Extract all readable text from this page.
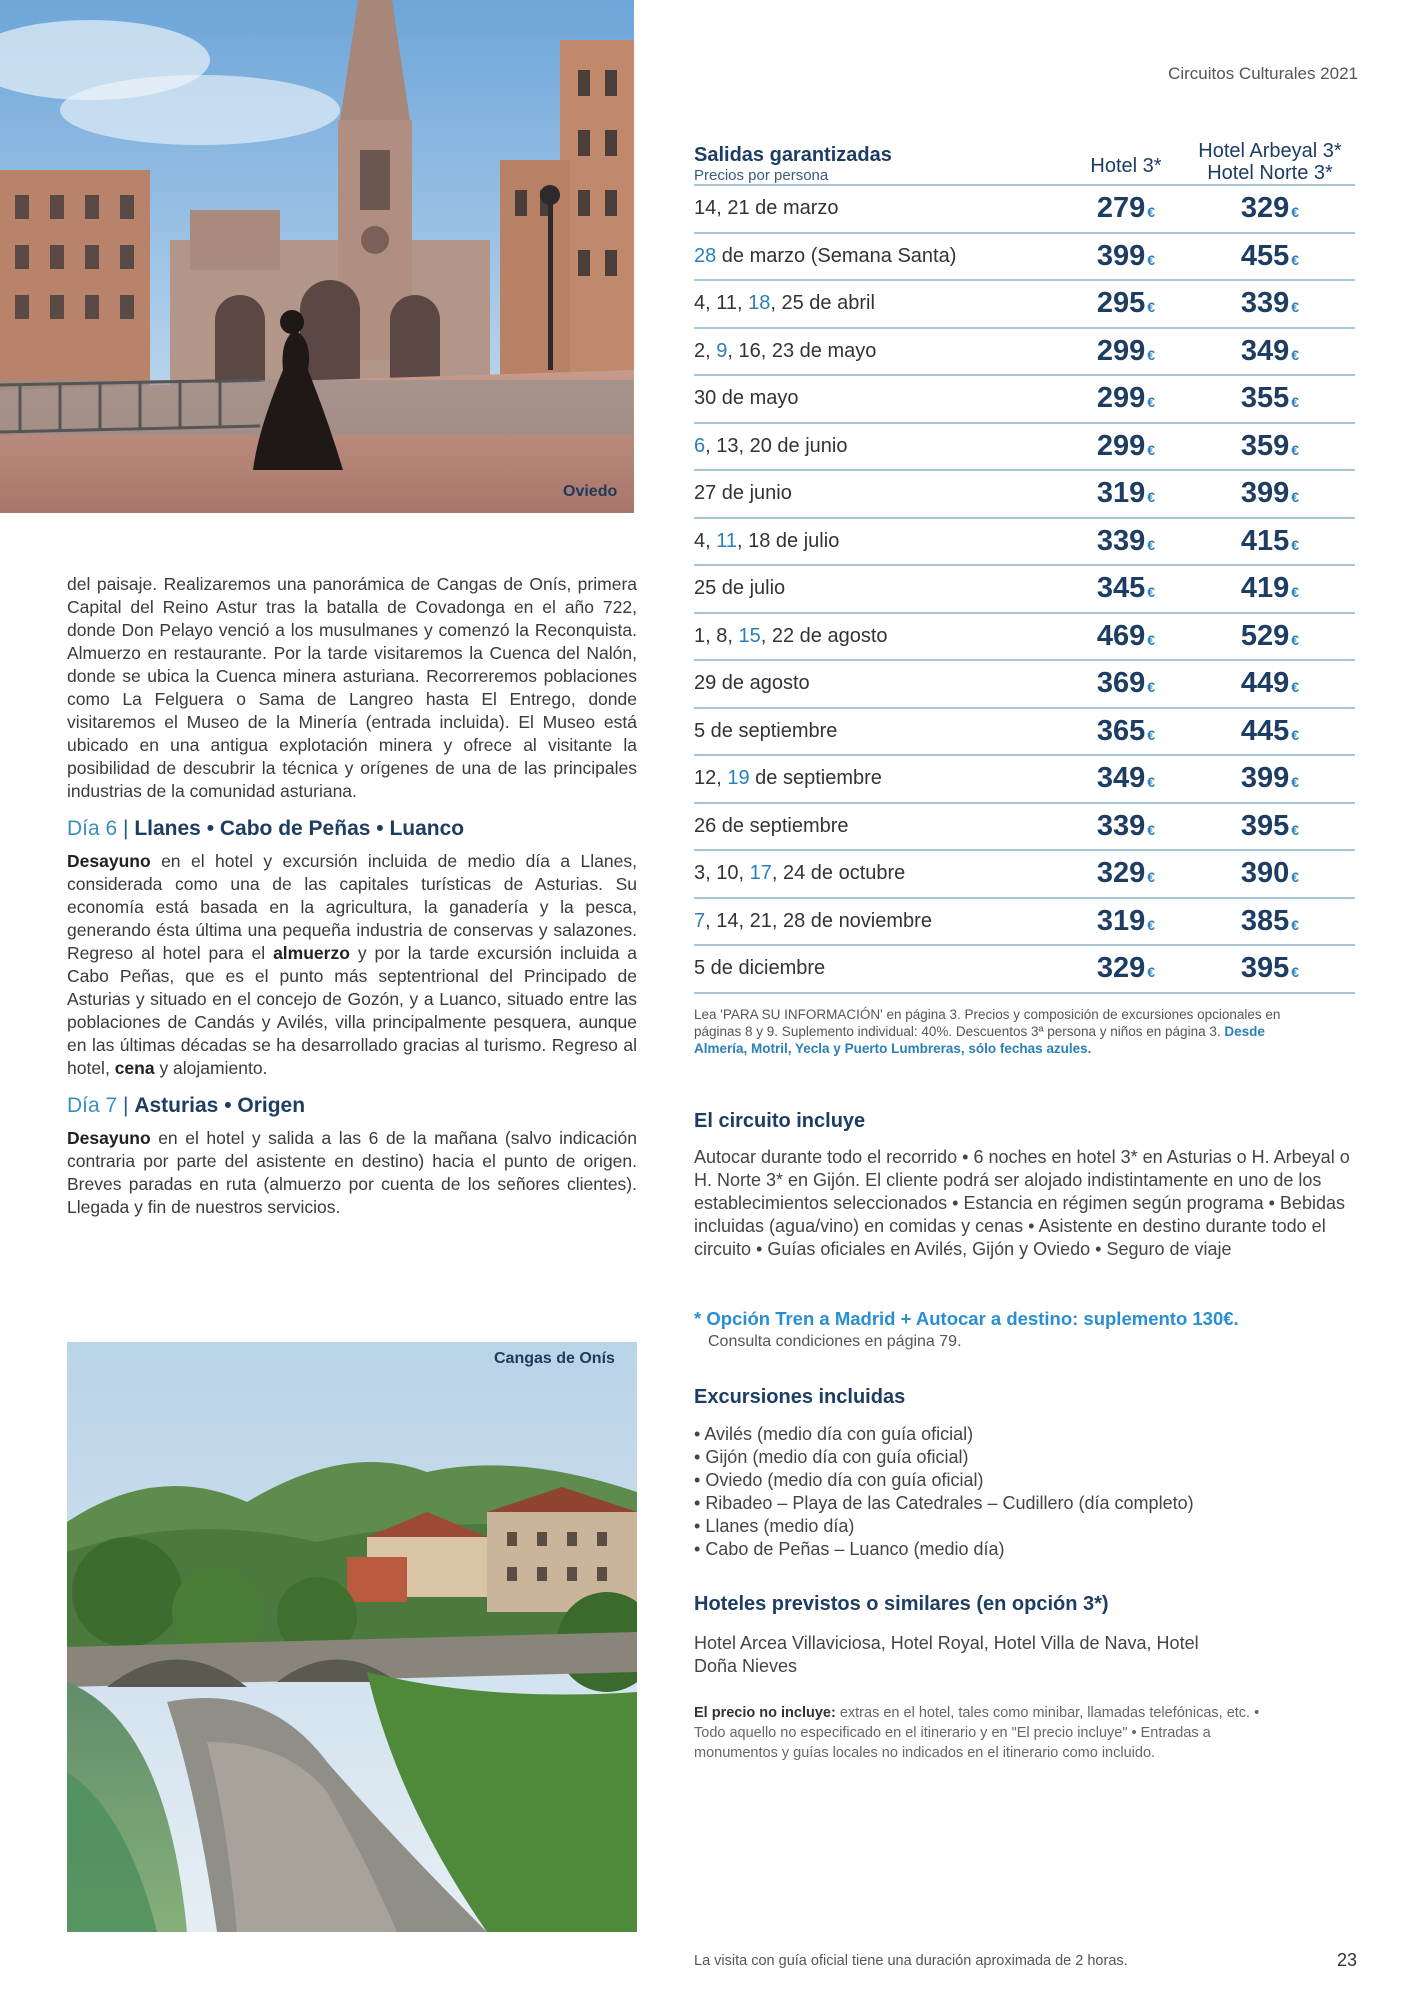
Circuitos Culturales 2021
Oviedo

del paisaje. Realizaremos una panorámica de Cangas de Onís, primera Capital del Reino Astur tras la batalla de Covadonga en el año 722, donde Don Pelayo venció a los musulmanes y comenzó la Reconquista. Almuerzo en restaurante. Por la tarde visitaremos la Cuenca del Nalón, donde se ubica la Cuenca minera asturiana. Recorreremos poblaciones como La Felguera o Sama de Langreo hasta El Entrego, donde visitaremos el Museo de la Minería (entrada incluida). El Museo está ubicado en una antigua explotación minera y ofrece al visitante la posibilidad de descubrir la técnica y orígenes de una de las principales industrias de la comunidad asturiana.

Día 6 | Llanes • Cabo de Peñas • Luanco

Desayuno en el hotel y excursión incluida de medio día a Llanes, considerada como una de las capitales turísticas de Asturias. Su economía está basada en la agricultura, la ganadería y la pesca, generando ésta última una pequeña industria de conservas y salazones. Regreso al hotel para el almuerzo y por la tarde excursión incluida a Cabo Peñas, que es el punto más septentrional del Principado de Asturias y situado en el concejo de Gozón, y a Luanco, situado entre las poblaciones de Candás y Avilés, villa principalmente pesquera, aunque en las últimas décadas se ha desarrollado gracias al turismo. Regreso al hotel, cena y alojamiento.

Día 7 | Asturias • Origen

Desayuno en el hotel y salida a las 6 de la mañana (salvo indicación contraria por parte del asistente en destino) hacia el punto de origen. Breves paradas en ruta (almuerzo por cuenta de los señores clientes). Llegada y fin de nuestros servicios.

Cangas de Onís
Salidas garantizadas
Precios por persona	Hotel 3*
Hotel Arbeyal 3*
Hotel Norte 3*
14, 21 de marzo	279 €	329 €
28 de marzo (Semana Santa)	399 €	455 €
4, 11, 18, 25 de abril	295 €	339 €
2, 9, 16, 23 de mayo	299 €	349 €
30 de mayo	299 €	355 €
6, 13, 20 de junio	299 €	359 €
27 de junio	319 €	399 €
4, 11, 18 de julio	339 €	415 €
25 de julio	345 €	419 €
1, 8, 15, 22 de agosto	469 €	529 €
29 de agosto	369 €	449 €
5 de septiembre	365 €	445 €
12, 19 de septiembre	349 €	399 €
26 de septiembre	339 €	395 €
3, 10, 17, 24 de octubre	329 €	390 €
7, 14, 21, 28 de noviembre	319 €	385 €
5 de diciembre	329 €	395 €
Lea 'PARA SU INFORMACIÓN' en página 3. Precios y composición de excursiones opcionales en páginas 8 y 9. Suplemento individual: 40%. Descuentos 3ª persona y niños en página 3. Desde Almería, Motril, Yecla y Puerto Lumbreras, sólo fechas azules.
El circuito incluye
Autocar durante todo el recorrido • 6 noches en hotel 3* en Asturias o H. Arbeyal o H. Norte 3* en Gijón. El cliente podrá ser alojado indistintamente en uno de los establecimientos seleccionados • Estancia en régimen según programa • Bebidas incluidas (agua/vino) en comidas y cenas • Asistente en destino durante todo el circuito • Guías oficiales en Avilés, Gijón y Oviedo • Seguro de viaje
* Opción Tren a Madrid + Autocar a destino: suplemento 130€.
Consulta condiciones en página 79.
Excursiones incluidas
• Avilés (medio día con guía oficial)
• Gijón (medio día con guía oficial)
• Oviedo (medio día con guía oficial)
• Ribadeo – Playa de las Catedrales – Cudillero (día completo)
• Llanes (medio día)
• Cabo de Peñas – Luanco (medio día)
Hoteles previstos o similares (en opción 3*)
Hotel Arcea Villaviciosa, Hotel Royal, Hotel Villa de Nava, Hotel Doña Nieves
El precio no incluye: extras en el hotel, tales como minibar, llamadas telefónicas, etc. • Todo aquello no especificado en el itinerario y en "El precio incluye" • Entradas a monumentos y guías locales no indicados en el itinerario como incluido.
La visita con guía oficial tiene una duración aproximada de 2 horas.	23
